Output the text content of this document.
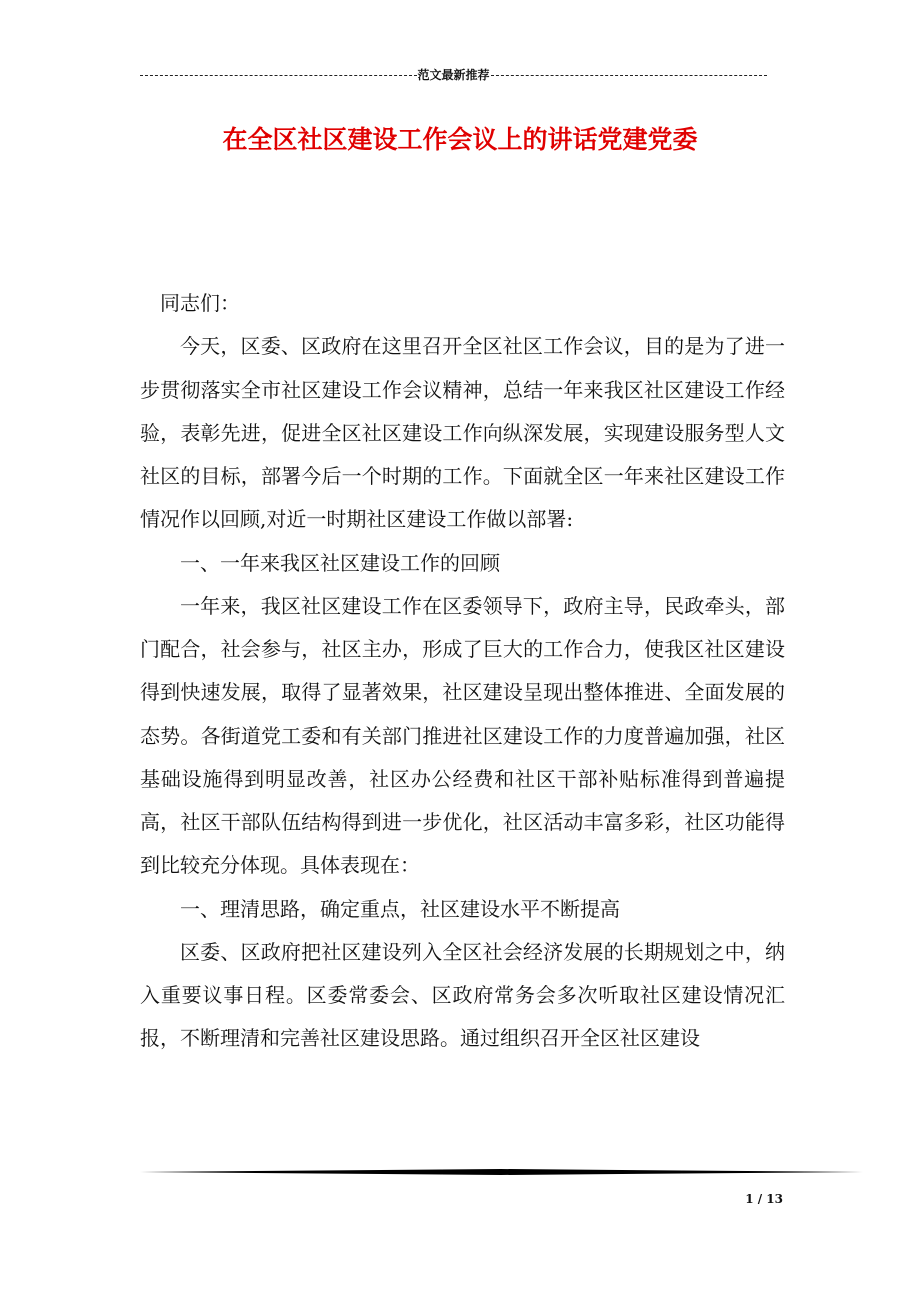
范文最新推荐
在全区社区建设工作会议上的讲话党建党委

同志们：

今天，区委、区政府在这里召开全区社区工作会议，目的是为了进一步贯彻落实全市社区建设工作会议精神，总结一年来我区社区建设工作经验，表彰先进，促进全区社区建设工作向纵深发展，实现建设服务型人文社区的目标，部署今后一个时期的工作。下面就全区一年来社区建设工作情况作以回顾,对近一时期社区建设工作做以部署:

一、一年来我区社区建设工作的回顾

一年来，我区社区建设工作在区委领导下，政府主导，民政牵头，部门配合，社会参与，社区主办，形成了巨大的工作合力，使我区社区建设得到快速发展，取得了显著效果，社区建设呈现出整体推进、全面发展的态势。各街道党工委和有关部门推进社区建设工作的力度普遍加强，社区基础设施得到明显改善，社区办公经费和社区干部补贴标准得到普遍提高，社区干部队伍结构得到进一步优化，社区活动丰富多彩，社区功能得到比较充分体现。具体表现在：

一、理清思路，确定重点，社区建设水平不断提高

区委、区政府把社区建设列入全区社会经济发展的长期规划之中，纳入重要议事日程。区委常委会、区政府常务会多次听取社区建设情况汇报，不断理清和完善社区建设思路。通过组织召开全区社区建设

1 / 13
